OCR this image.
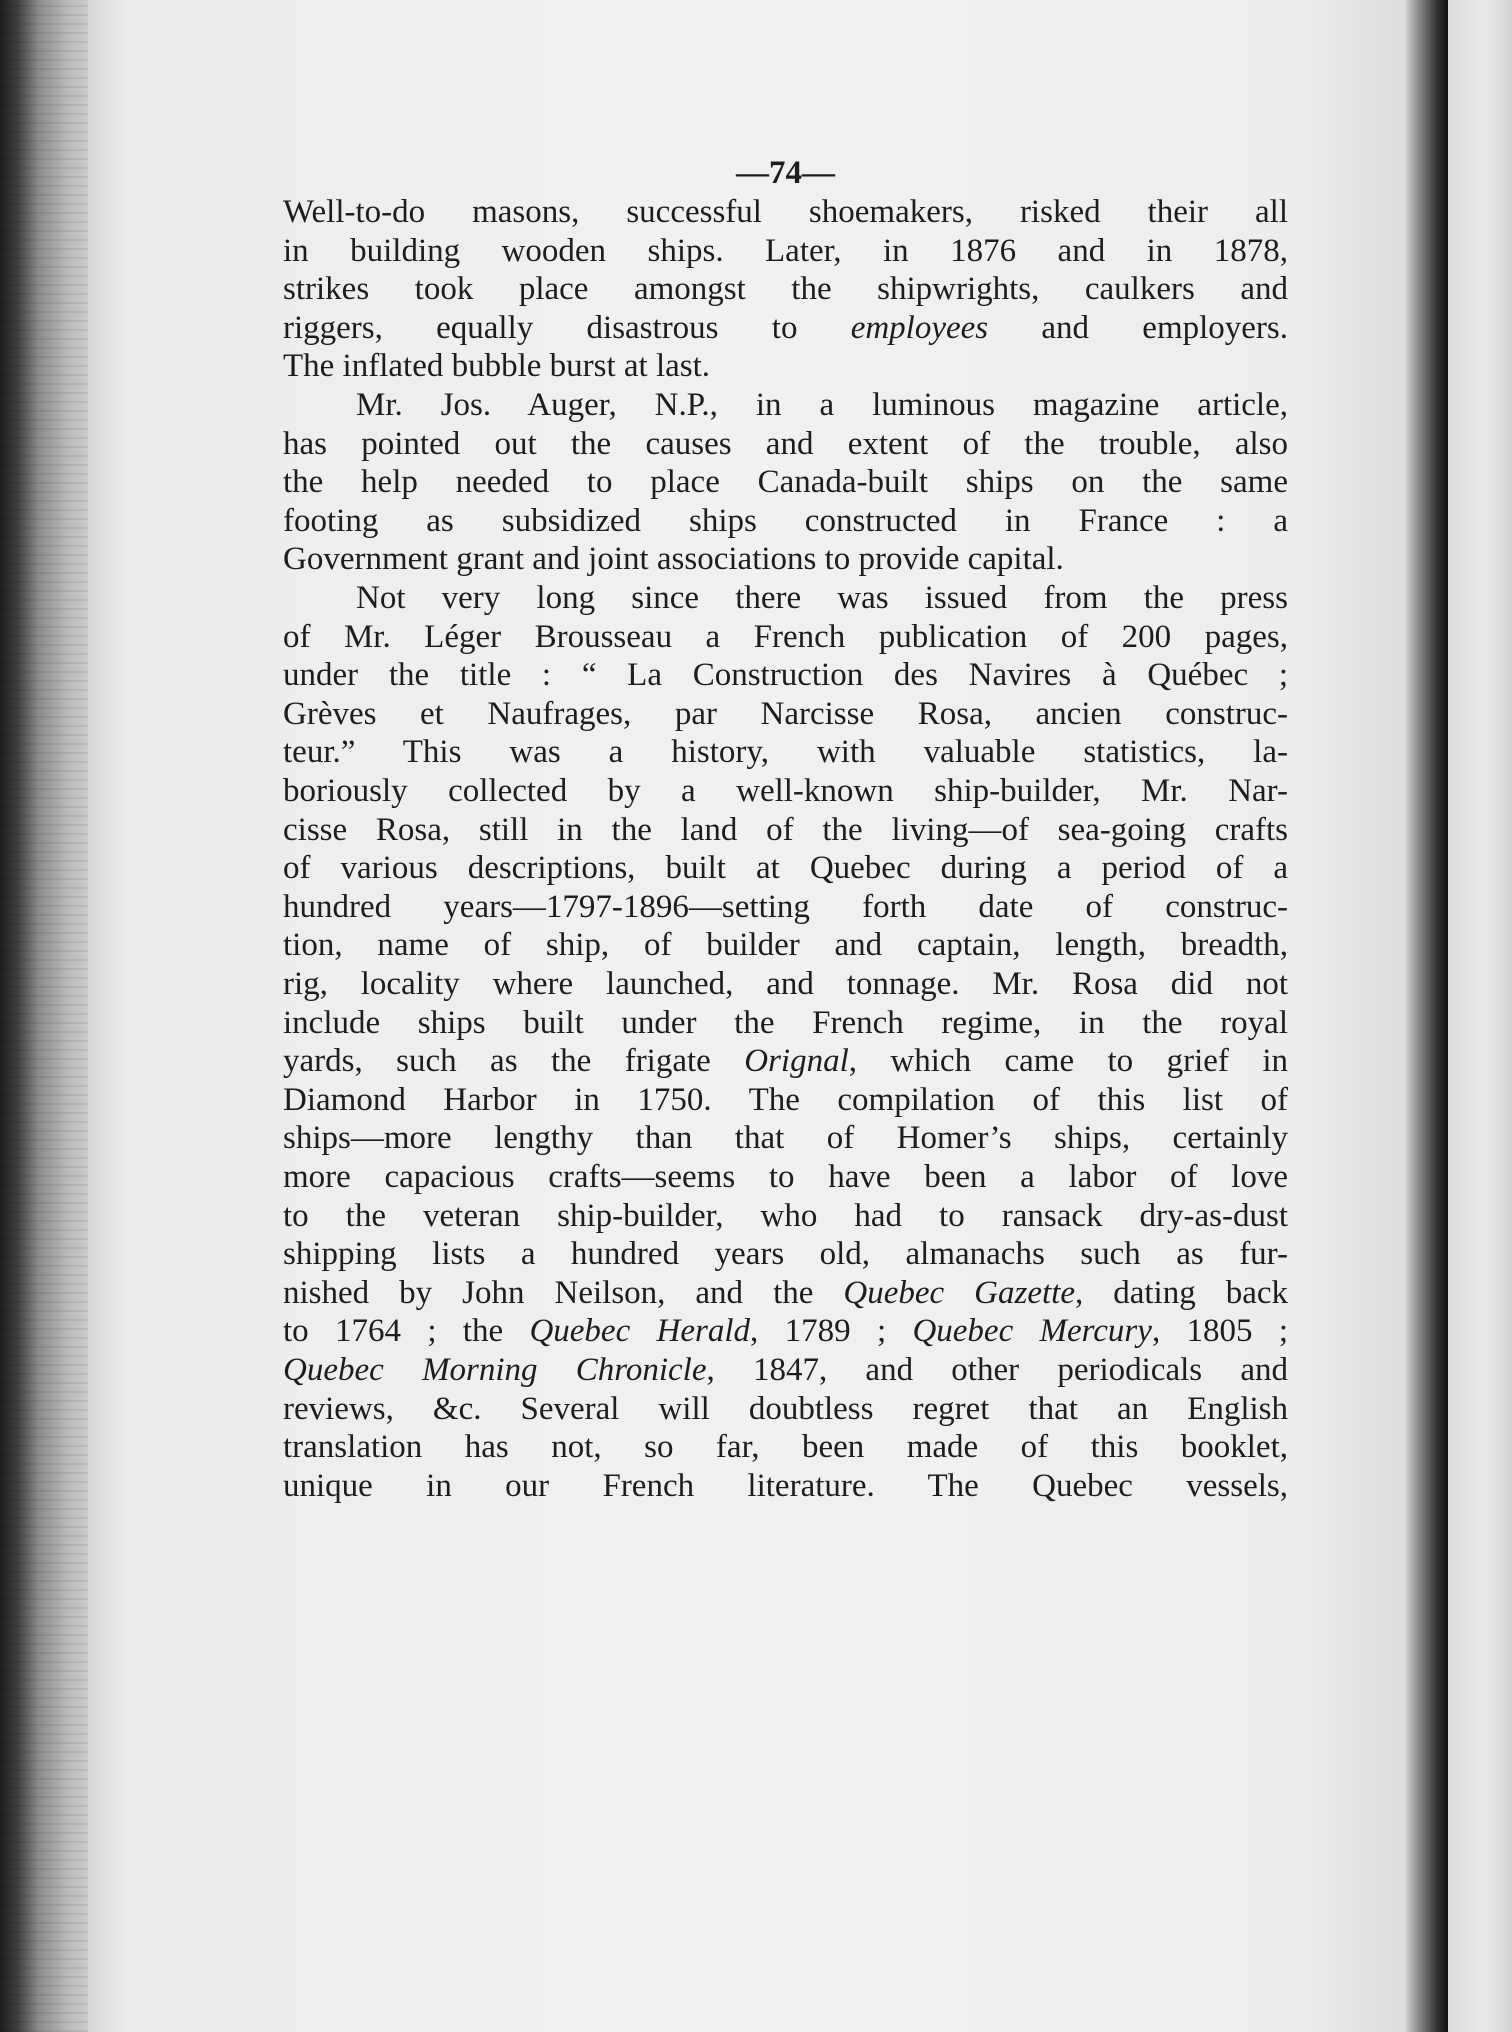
—74—

Well-to-do masons, successful shoemakers, risked their all

in building wooden ships. Later, in 1876 and in 1878,

strikes took place amongst the shipwrights, caulkers and

riggers, equally disastrous to employees and employers.

The inflated bubble burst at last.

Mr. Jos. Auger, N.P., in a luminous magazine article,

has pointed out the causes and extent of the trouble, also

the help needed to place Canada-built ships on the same

footing as subsidized ships constructed in France : a

Government grant and joint associations to provide capital.

Not very long since there was issued from the press

of Mr. Léger Brousseau a French publication of 200 pages,

under the title : “ La Construction des Navires à Québec ;

Grèves et Naufrages, par Narcisse Rosa, ancien construc-

teur.” This was a history, with valuable statistics, la-

boriously collected by a well-known ship-builder, Mr. Nar-

cisse Rosa, still in the land of the living—of sea-going crafts

of various descriptions, built at Quebec during a period of a

hundred years—1797-1896—setting forth date of construc-

tion, name of ship, of builder and captain, length, breadth,

rig, locality where launched, and tonnage. Mr. Rosa did not

include ships built under the French regime, in the royal

yards, such as the frigate Orignal, which came to grief in

Diamond Harbor in 1750. The compilation of this list of

ships—more lengthy than that of Homer’s ships, certainly

more capacious crafts—seems to have been a labor of love

to the veteran ship-builder, who had to ransack dry-as-dust

shipping lists a hundred years old, almanachs such as fur-

nished by John Neilson, and the Quebec Gazette, dating back

to 1764 ; the Quebec Herald, 1789 ; Quebec Mercury, 1805 ;

Quebec Morning Chronicle, 1847, and other periodicals and

reviews, &c. Several will doubtless regret that an English

translation has not, so far, been made of this booklet,

unique in our French literature. The Quebec vessels,
